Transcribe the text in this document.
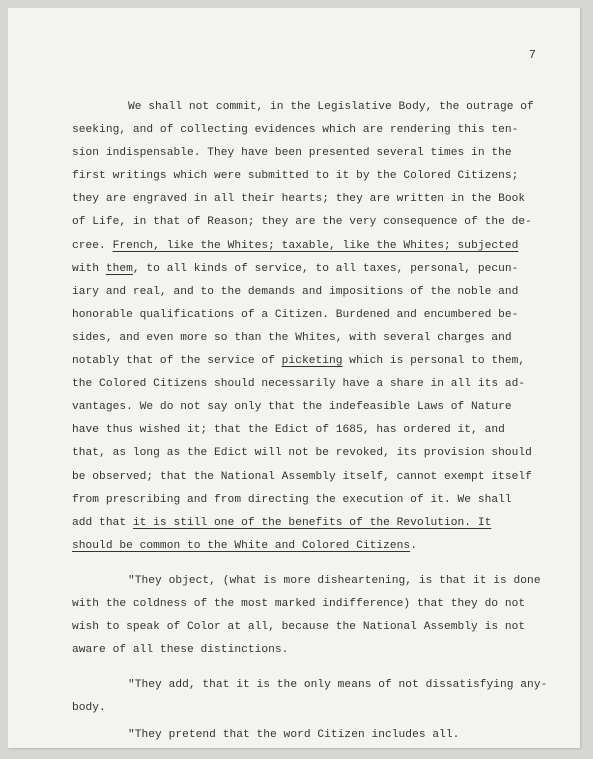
7
We shall not commit, in the Legislative Body, the outrage of
seeking, and of collecting evidences which are rendering this ten-
sion indispensable. They have been presented several times in the
first writings which were submitted to it by the Colored Citizens;
they are engraved in all their hearts; they are written in the Book
of Life, in that of Reason; they are the very consequence of the de-
cree. French, like the Whites; taxable, like the Whites; subjected
with them, to all kinds of service, to all taxes, personal, pecun-
iary and real, and to the demands and impositions of the noble and
honorable qualifications of a Citizen. Burdened and encumbered be-
sides, and even more so than the Whites, with several charges and
notably that of the service of picketing which is personal to them,
the Colored Citizens should necessarily have a share in all its ad-
vantages. We do not say only that the indefeasible Laws of Nature
have thus wished it; that the Edict of 1685, has ordered it, and
that, as long as the Edict will not be revoked, its provision should
be observed; that the National Assembly itself, cannot exempt itself
from prescribing and from directing the execution of it. We shall
add that it is still one of the benefits of the Revolution. It
should be common to the White and Colored Citizens.
"They object, (what is more disheartening, is that it is done
with the coldness of the most marked indifference) that they do not
wish to speak of Color at all, because the National Assembly is not
aware of all these distinctions.
"They add, that it is the only means of not dissatisfying any-
body.
"They pretend that the word Citizen includes all.
